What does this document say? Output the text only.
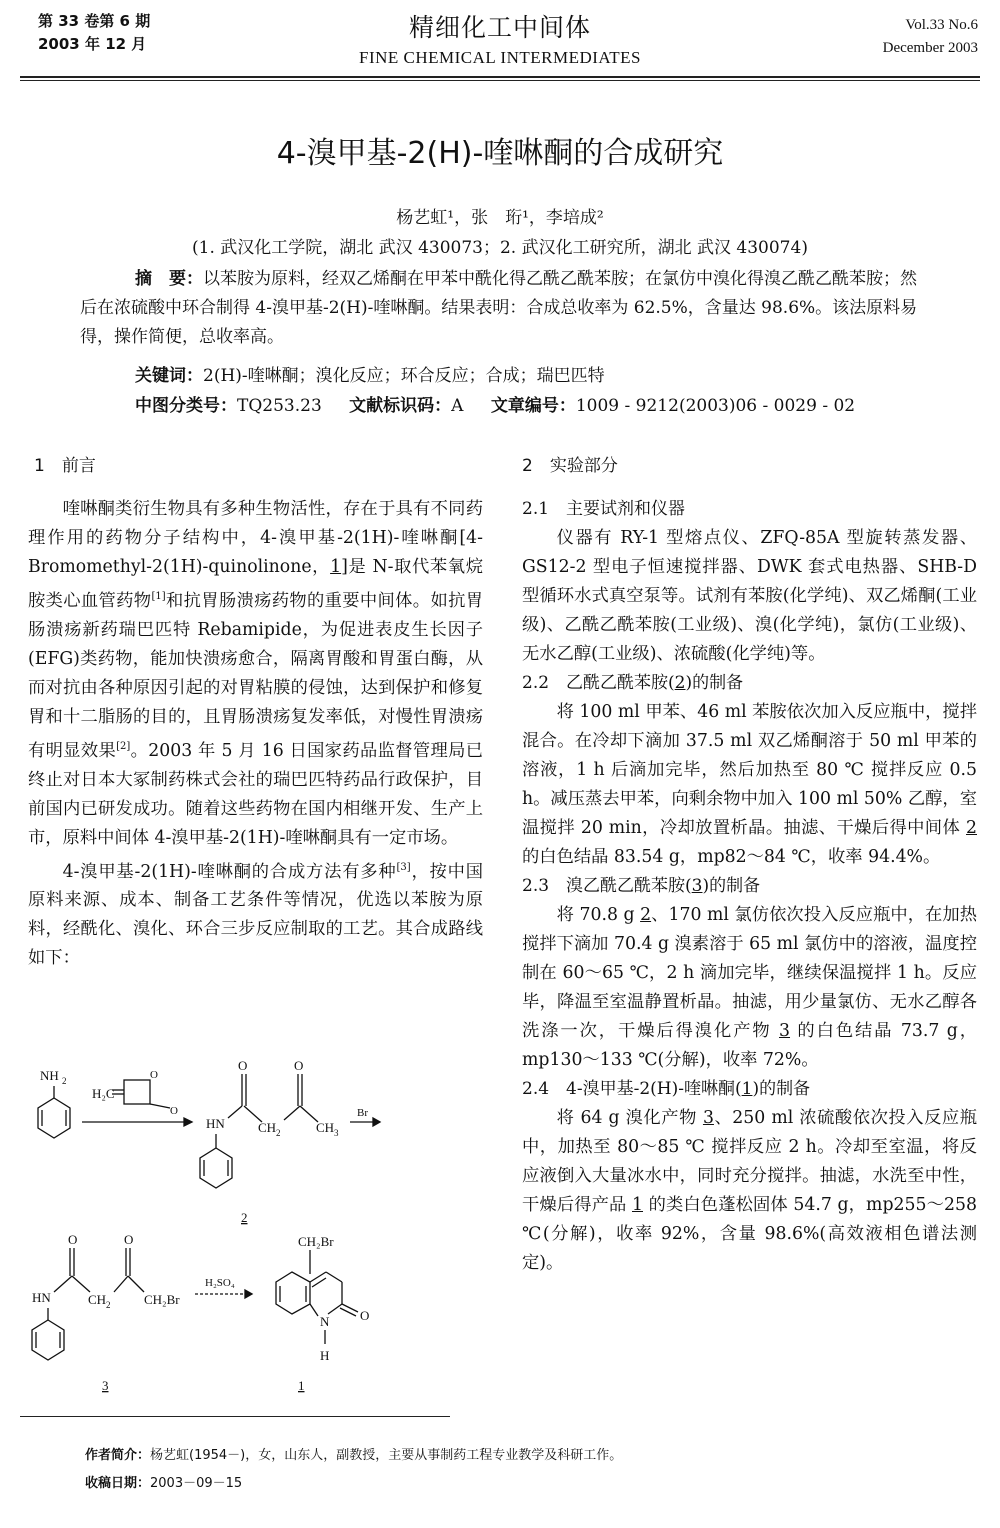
第 33 卷第 6 期
2003 年 12 月
精细化工中间体
FINE CHEMICAL INTERMEDIATES
Vol.33 No.6
December 2003
4-溴甲基-2(H)-喹啉酮的合成研究
杨艺虹¹，张　珩¹，李培成²
(1. 武汉化工学院，湖北 武汉 430073；2. 武汉化工研究所，湖北 武汉 430074)
摘　要：以苯胺为原料，经双乙烯酮在甲苯中酰化得乙酰乙酰苯胺；在氯仿中溴化得溴乙酰乙酰苯胺；然后在浓硫酸中环合制得 4-溴甲基-2(H)-喹啉酮。结果表明：合成总收率为 62.5%，含量达 98.6%。该法原料易得，操作简便，总收率高。
关键词：2(H)-喹啉酮；溴化反应；环合反应；合成；瑞巴匹特
中图分类号：TQ253.23 文献标识码：A 文章编号：1009 - 9212(2003)06 - 0029 - 02

1　前言

喹啉酮类衍生物具有多种生物活性，存在于具有不同药理作用的药物分子结构中，4-溴甲基-2(1H)-喹啉酮[4-Bromomethyl-2(1H)-quinolinone，1]是 N-取代苯氧烷胺类心血管药物[1]和抗胃肠溃疡药物的重要中间体。如抗胃肠溃疡新药瑞巴匹特 Rebamipide，为促进表皮生长因子(EFG)类药物，能加快溃疡愈合，隔离胃酸和胃蛋白酶，从而对抗由各种原因引起的对胃粘膜的侵蚀，达到保护和修复胃和十二脂肠的目的，且胃肠溃疡复发率低，对慢性胃溃疡有明显效果[2]。2003 年 5 月 16 日国家药品监督管理局已终止对日本大冢制药株式会社的瑞巴匹特药品行政保护，目前国内已研发成功。随着这些药物在国内相继开发、生产上市，原料中间体 4-溴甲基-2(1H)-喹啉酮具有一定市场。

4-溴甲基-2(1H)-喹啉酮的合成方法有多种[3]，按中国原料来源、成本、制备工艺条件等情况，优选以苯胺为原料，经酰化、溴化、环合三步反应制取的工艺。其合成路线如下：

NH 2
H₂C
O
O
HN
O
CH 2
O
CH 3
2
Br
O
HN	CH 2
O
CH₂Br
3
H₂SO₄
CH₂Br
O
N
H
1

2　实验部分

2.1　主要试剂和仪器

仪器有 RY-1 型熔点仪、ZFQ-85A 型旋转蒸发器、GS12-2 型电子恒速搅拌器、DWK 套式电热器、SHB-D 型循环水式真空泵等。试剂有苯胺(化学纯)、双乙烯酮(工业级)、乙酰乙酰苯胺(工业级)、溴(化学纯)，氯仿(工业级)、无水乙醇(工业级)、浓硫酸(化学纯)等。

2.2　乙酰乙酰苯胺(2)的制备

将 100 ml 甲苯、46 ml 苯胺依次加入反应瓶中，搅拌混合。在冷却下滴加 37.5 ml 双乙烯酮溶于 50 ml 甲苯的溶液，1 h 后滴加完毕，然后加热至 80 ℃ 搅拌反应 0.5 h。减压蒸去甲苯，向剩余物中加入 100 ml 50% 乙醇，室温搅拌 20 min，冷却放置析晶。抽滤、干燥后得中间体 2 的白色结晶 83.54 g，mp82～84 ℃，收率 94.4%。

2.3　溴乙酰乙酰苯胺(3)的制备

将 70.8 g 2、170 ml 氯仿依次投入反应瓶中，在加热搅拌下滴加 70.4 g 溴素溶于 65 ml 氯仿中的溶液，温度控制在 60～65 ℃，2 h 滴加完毕，继续保温搅拌 1 h。反应毕，降温至室温静置析晶。抽滤，用少量氯仿、无水乙醇各洗涤一次，干燥后得溴化产物 3 的白色结晶 73.7 g，mp130～133 ℃(分解)，收率 72%。

2.4　4-溴甲基-2(H)-喹啉酮(1)的制备

将 64 g 溴化产物 3、250 ml 浓硫酸依次投入反应瓶中，加热至 80～85 ℃ 搅拌反应 2 h。冷却至室温，将反应液倒入大量冰水中，同时充分搅拌。抽滤，水洗至中性，干燥后得产品 1 的类白色蓬松固体 54.7 g，mp255～258 ℃(分解)，收率 92%，含量 98.6%(高效液相色谱法测定)。

作者简介：杨艺虹(1954－)，女，山东人，副教授，主要从事制药工程专业教学及科研工作。
收稿日期：2003－09－15
